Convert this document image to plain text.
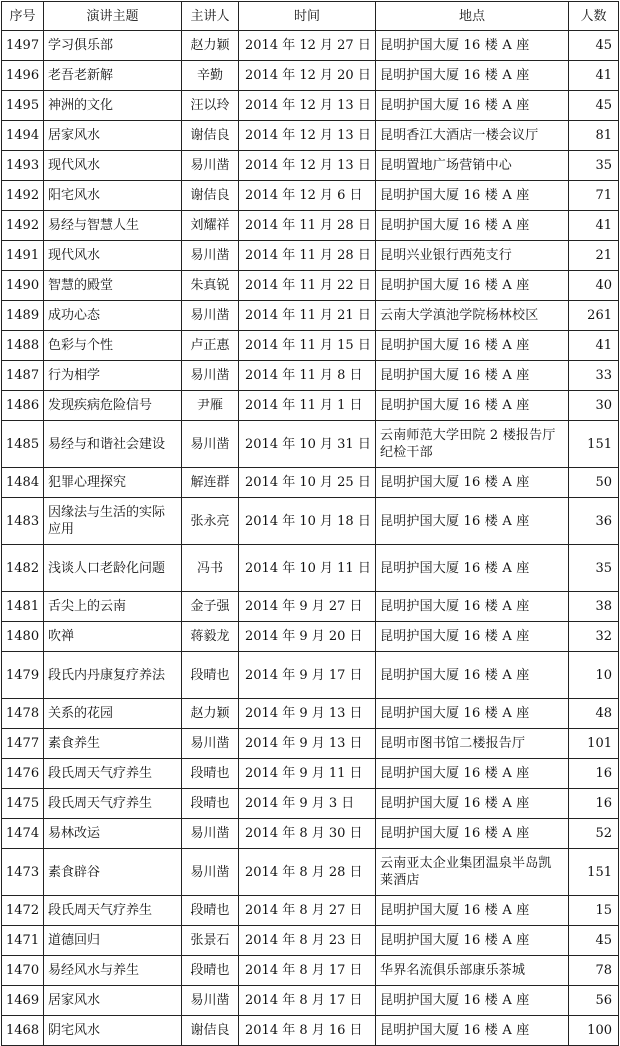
序号	演讲主题	主讲人	时间	地点	人数
1497	学习俱乐部	赵力颖	2014 年 12 月 27 日	昆明护国大厦 16 楼 A 座	45
1496	老吾老新解	辛勤	2014 年 12 月 20 日	昆明护国大厦 16 楼 A 座	41
1495	神洲的文化	汪以玲	2014 年 12 月 13 日	昆明护国大厦 16 楼 A 座	45
1494	居家风水	谢佶良	2014 年 12 月 13 日	昆明香江大酒店一楼会议厅	81
1493	现代风水	易川凿	2014 年 12 月 13 日	昆明置地广场营销中心	35
1492	阳宅风水	谢佶良	2014 年 12 月 6 日	昆明护国大厦 16 楼 A 座	71
1492	易经与智慧人生	刘耀祥	2014 年 11 月 28 日	昆明护国大厦 16 楼 A 座	41
1491	现代风水	易川凿	2014 年 11 月 28 日	昆明兴业银行西苑支行	21
1490	智慧的殿堂	朱真锐	2014 年 11 月 22 日	昆明护国大厦 16 楼 A 座	40
1489	成功心态	易川凿	2014 年 11 月 21 日	云南大学滇池学院杨林校区	261
1488	色彩与个性	卢正惠	2014 年 11 月 15 日	昆明护国大厦 16 楼 A 座	41
1487	行为相学	易川凿	2014 年 11 月 8 日	昆明护国大厦 16 楼 A 座	33
1486	发现疾病危险信号	尹雁	2014 年 11 月 1 日	昆明护国大厦 16 楼 A 座	30
1485	易经与和谐社会建设	易川凿	2014 年 10 月 31 日	云南师范大学田院 2 楼报告厅纪检干部	151
1484	犯罪心理探究	解连群	2014 年 10 月 25 日	昆明护国大厦 16 楼 A 座	50
1483	因缘法与生活的实际应用	张永亮	2014 年 10 月 18 日	昆明护国大厦 16 楼 A 座	36
1482	浅谈人口老龄化问题	冯书	2014 年 10 月 11 日	昆明护国大厦 16 楼 A 座	35
1481	舌尖上的云南	金子强	2014 年 9 月 27 日	昆明护国大厦 16 楼 A 座	38
1480	吹禅	蒋毅龙	2014 年 9 月 20 日	昆明护国大厦 16 楼 A 座	32
1479	段氏内丹康复疗养法	段晴也	2014 年 9 月 17 日	昆明护国大厦 16 楼 A 座	10
1478	关系的花园	赵力颖	2014 年 9 月 13 日	昆明护国大厦 16 楼 A 座	48
1477	素食养生	易川凿	2014 年 9 月 13 日	昆明市图书馆二楼报告厅	101
1476	段氏周天气疗养生	段晴也	2014 年 9 月 11 日	昆明护国大厦 16 楼 A 座	16
1475	段氏周天气疗养生	段晴也	2014 年 9 月 3 日	昆明护国大厦 16 楼 A 座	16
1474	易林改运	易川凿	2014 年 8 月 30 日	昆明护国大厦 16 楼 A 座	52
1473	素食辟谷	易川凿	2014 年 8 月 28 日	云南亚太企业集团温泉半岛凯莱酒店	151
1472	段氏周天气疗养生	段晴也	2014 年 8 月 27 日	昆明护国大厦 16 楼 A 座	15
1471	道德回归	张景石	2014 年 8 月 23 日	昆明护国大厦 16 楼 A 座	45
1470	易经风水与养生	段晴也	2014 年 8 月 17 日	华界名流俱乐部康乐茶城	78
1469	居家风水	易川凿	2014 年 8 月 17 日	昆明护国大厦 16 楼 A 座	56
1468	阴宅风水	谢佶良	2014 年 8 月 16 日	昆明护国大厦 16 楼 A 座	100
